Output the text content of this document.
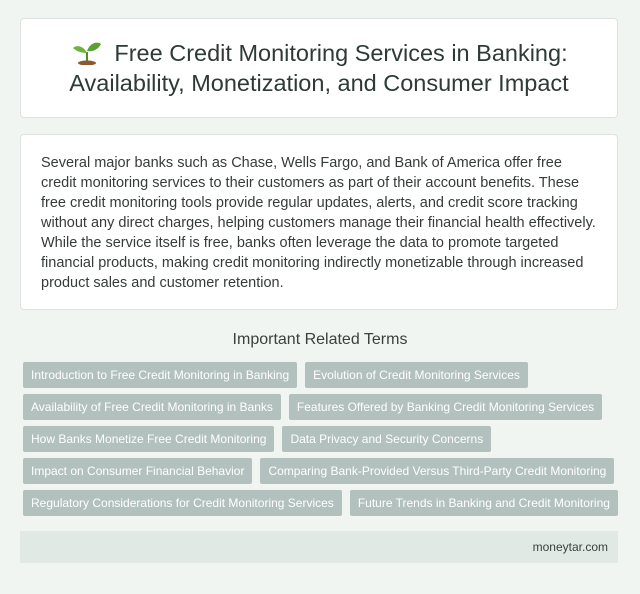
Free Credit Monitoring Services in Banking: Availability, Monetization, and Consumer Impact

Several major banks such as Chase, Wells Fargo, and Bank of America offer free credit monitoring services to their customers as part of their account benefits. These free credit monitoring tools provide regular updates, alerts, and credit score tracking without any direct charges, helping customers manage their financial health effectively. While the service itself is free, banks often leverage the data to promote targeted financial products, making credit monitoring indirectly monetizable through increased product sales and customer retention.

Important Related Terms
Introduction to Free Credit Monitoring in Banking	Evolution of Credit Monitoring Services
Availability of Free Credit Monitoring in Banks	Features Offered by Banking Credit Monitoring Services
How Banks Monetize Free Credit Monitoring	Data Privacy and Security Concerns
Impact on Consumer Financial Behavior	Comparing Bank-Provided Versus Third-Party Credit Monitoring
Regulatory Considerations for Credit Monitoring Services	Future Trends in Banking and Credit Monitoring
moneytar.com
